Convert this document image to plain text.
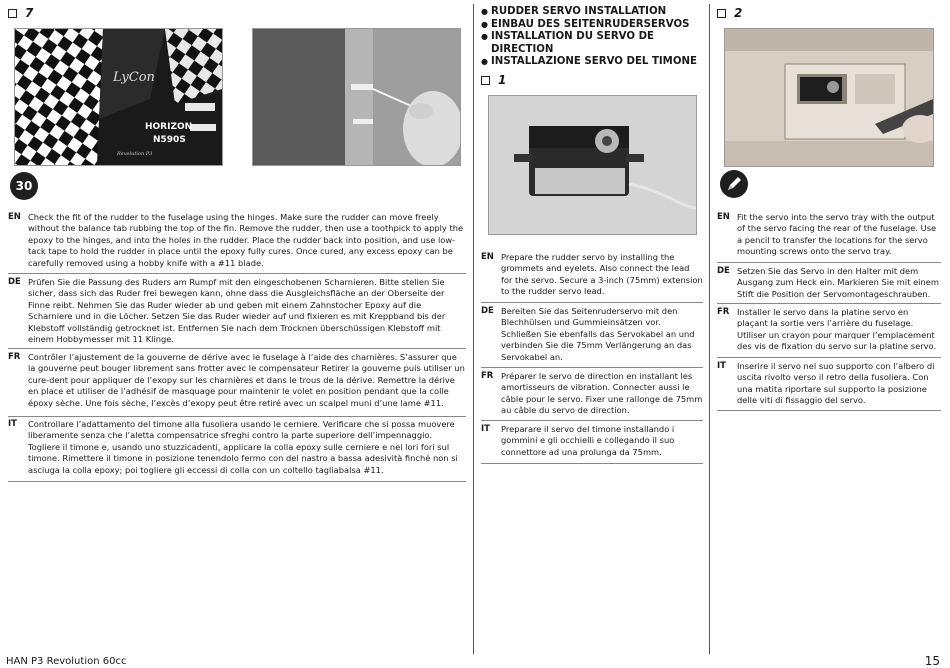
7
LyCon
HORIZON
N590S
Revolution P3
30
EN Check the fit of the rudder to the fuselage using the hinges. Make sure the rudder can move freely without the balance tab rubbing the top of the fin. Remove the rudder, then use a toothpick to apply the epoxy to the hinges, and into the holes in the rudder. Place the rudder back into position, and use low-tack tape to hold the rudder in place until the epoxy fully cures. Once cured, any excess epoxy can be carefully removed using a hobby knife with a #11 blade.
DE Prüfen Sie die Passung des Ruders am Rumpf mit den eingeschobenen Scharnieren. Bitte stellen Sie sicher, dass sich das Ruder frei bewegen kann, ohne dass die Ausgleichsfläche an der Oberseite der Finne reibt. Nehmen Sie das Ruder wieder ab und geben mit einem Zahnstocher Epoxy auf die Scharniere und in die Löcher. Setzen Sie das Ruder wieder auf und fixieren es mit Kreppband bis der Klebstoff vollständig getrocknet ist. Entfernen Sie nach dem Trocknen überschüssigen Klebstoff mit einem Hobbymesser mit 11 Klinge.
FR Contrôler l’ajustement de la gouverne de dérive avec le fuselage à l’aide des charnières. S’assurer que la gouverne peut bouger librement sans frotter avec le compensateur Retirer la gouverne puis utiliser un cure-dent pour appliquer de l’exopy sur les charnières et dans le trous de la dérive. Remettre la dérive en place et utiliser de l’adhésif de masquage pour maintenir le volet en position pendant que la colle époxy sèche. Une fois sèche, l’excès d’exopy peut être retiré avec un scalpel muni d’une lame #11.
IT Controllare l’adattamento del timone alla fusoliera usando le cerniere. Verificare che si possa muovere liberamente senza che l’aletta compensatrice sfreghi contro la parte superiore dell’impennaggio. Togliere il timone e, usando uno stuzzicadenti, applicare la colla epoxy sulle cerniere e nei lori fori sul timone. Rimettere il timone in posizione tenendolo fermo con del nastro a bassa adesività finché non si asciuga la colla epoxy; poi togliere gli eccessi di colla con un coltello tagliabalsa #11.
● RUDDER SERVO INSTALLATION
● EINBAU DES SEITENRUDERSERVOS
● INSTALLATION DU SERVO DE DIRECTION
● INSTALLAZIONE SERVO DEL TIMONE
1
EN Prepare the rudder servo by installing the grommets and eyelets. Also connect the lead for the servo. Secure a 3-inch (75mm) extension to the rudder servo lead.
DE Bereiten Sie das Seitenruderservo mit den Blechhülsen und Gummieinsätzen vor. Schließen Sie ebenfalls das Servokabel an und verbinden Sie die 75mm Verlängerung an das Servokabel an.
FR Préparer le servo de direction en installant les amortisseurs de vibration. Connecter aussi le câble pour le servo. Fixer une rallonge de 75mm au câble du servo de direction.
IT Preparare il servo del timone installando i gommini e gli occhielli e collegando il suo connettore ad una prolunga da 75mm.
2
EN Fit the servo into the servo tray with the output of the servo facing the rear of the fuselage. Use a pencil to transfer the locations for the servo mounting screws onto the servo tray.
DE Setzen Sie das Servo in den Halter mit dem Ausgang zum Heck ein. Markieren Sie mit einem Stift die Position der Servomontageschrauben.
FR Installer le servo dans la platine servo en plaçant la sortie vers l’arrière du fuselage. Utiliser un crayon pour marquer l’emplacement des vis de fixation du servo sur la platine servo.
IT Inserire il servo nel suo supporto con l’albero di uscita rivolto verso il retro della fusoliera. Con una matita riportare sul supporto la posizione delle viti di fissaggio del servo.
HAN P3 Revolution 60cc	15
